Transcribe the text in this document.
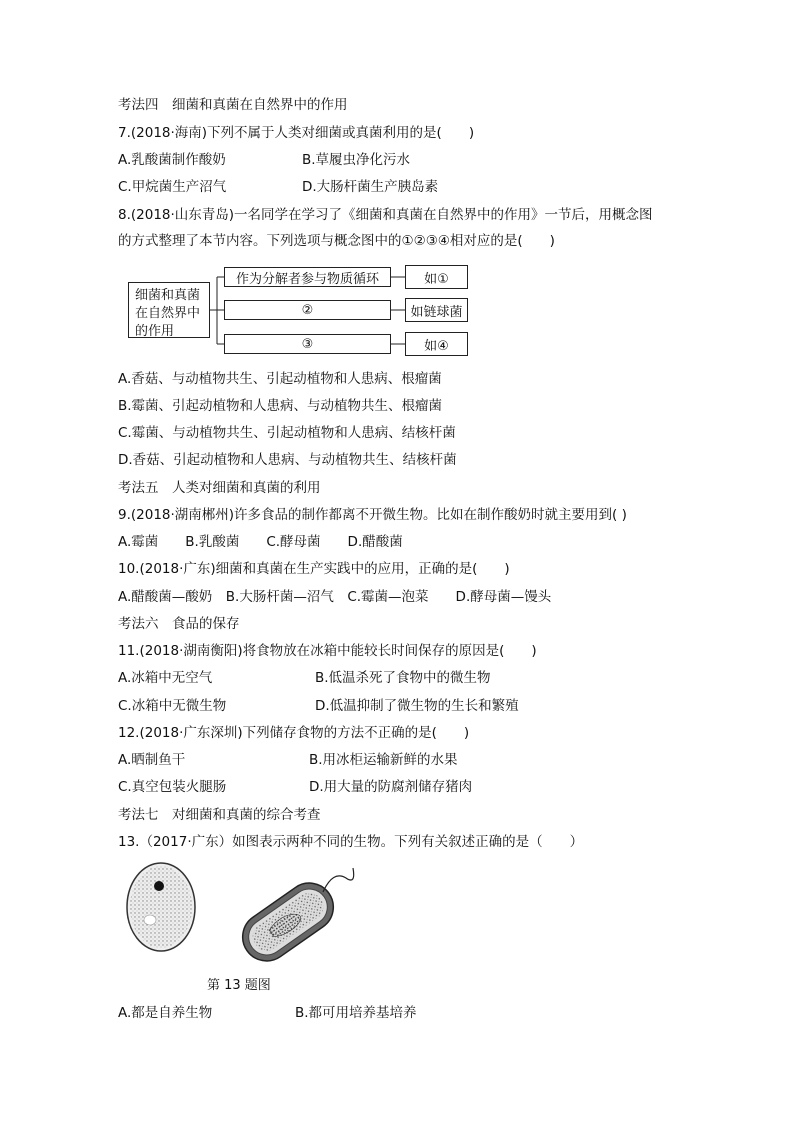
考法四　细菌和真菌在自然界中的作用
7.(2018·海南)下列不属于人类对细菌或真菌利用的是(　　)
A.乳酸菌制作酸奶	B.草履虫净化污水
C.甲烷菌生产沼气	D.大肠杆菌生产胰岛素
8.(2018·山东青岛)一名同学在学习了《细菌和真菌在自然界中的作用》一节后，用概念图
的方式整理了本节内容。下列选项与概念图中的①②③④相对应的是(　　)
细菌和真菌
在自然界中
的作用
作为分解者参与物质循环	如①
②	如链球菌
③	如④
A.香菇、与动植物共生、引起动植物和人患病、根瘤菌
B.霉菌、引起动植物和人患病、与动植物共生、根瘤菌
C.霉菌、与动植物共生、引起动植物和人患病、结核杆菌
D.香菇、引起动植物和人患病、与动植物共生、结核杆菌
考法五　人类对细菌和真菌的利用
9.(2018·湖南郴州)许多食品的制作都离不开微生物。比如在制作酸奶时就主要用到( )
A.霉菌　　B.乳酸菌　　C.酵母菌　　D.醋酸菌
10.(2018·广东)细菌和真菌在生产实践中的应用，正确的是(　　)
A.醋酸菌—酸奶　B.大肠杆菌—沼气　C.霉菌—泡菜　　D.酵母菌—馒头
考法六　食品的保存
11.(2018·湖南衡阳)将食物放在冰箱中能较长时间保存的原因是(　　)
A.冰箱中无空气	B.低温杀死了食物中的微生物
C.冰箱中无微生物	D.低温抑制了微生物的生长和繁殖
12.(2018·广东深圳)下列储存食物的方法不正确的是(　　)
A.晒制鱼干	B.用冰柜运输新鲜的水果
C.真空包装火腿肠	D.用大量的防腐剂储存猪肉
考法七　对细菌和真菌的综合考查
13.（2017·广东）如图表示两种不同的生物。下列有关叙述正确的是（　　）
第 13 题图
A.都是自养生物	B.都可用培养基培养
